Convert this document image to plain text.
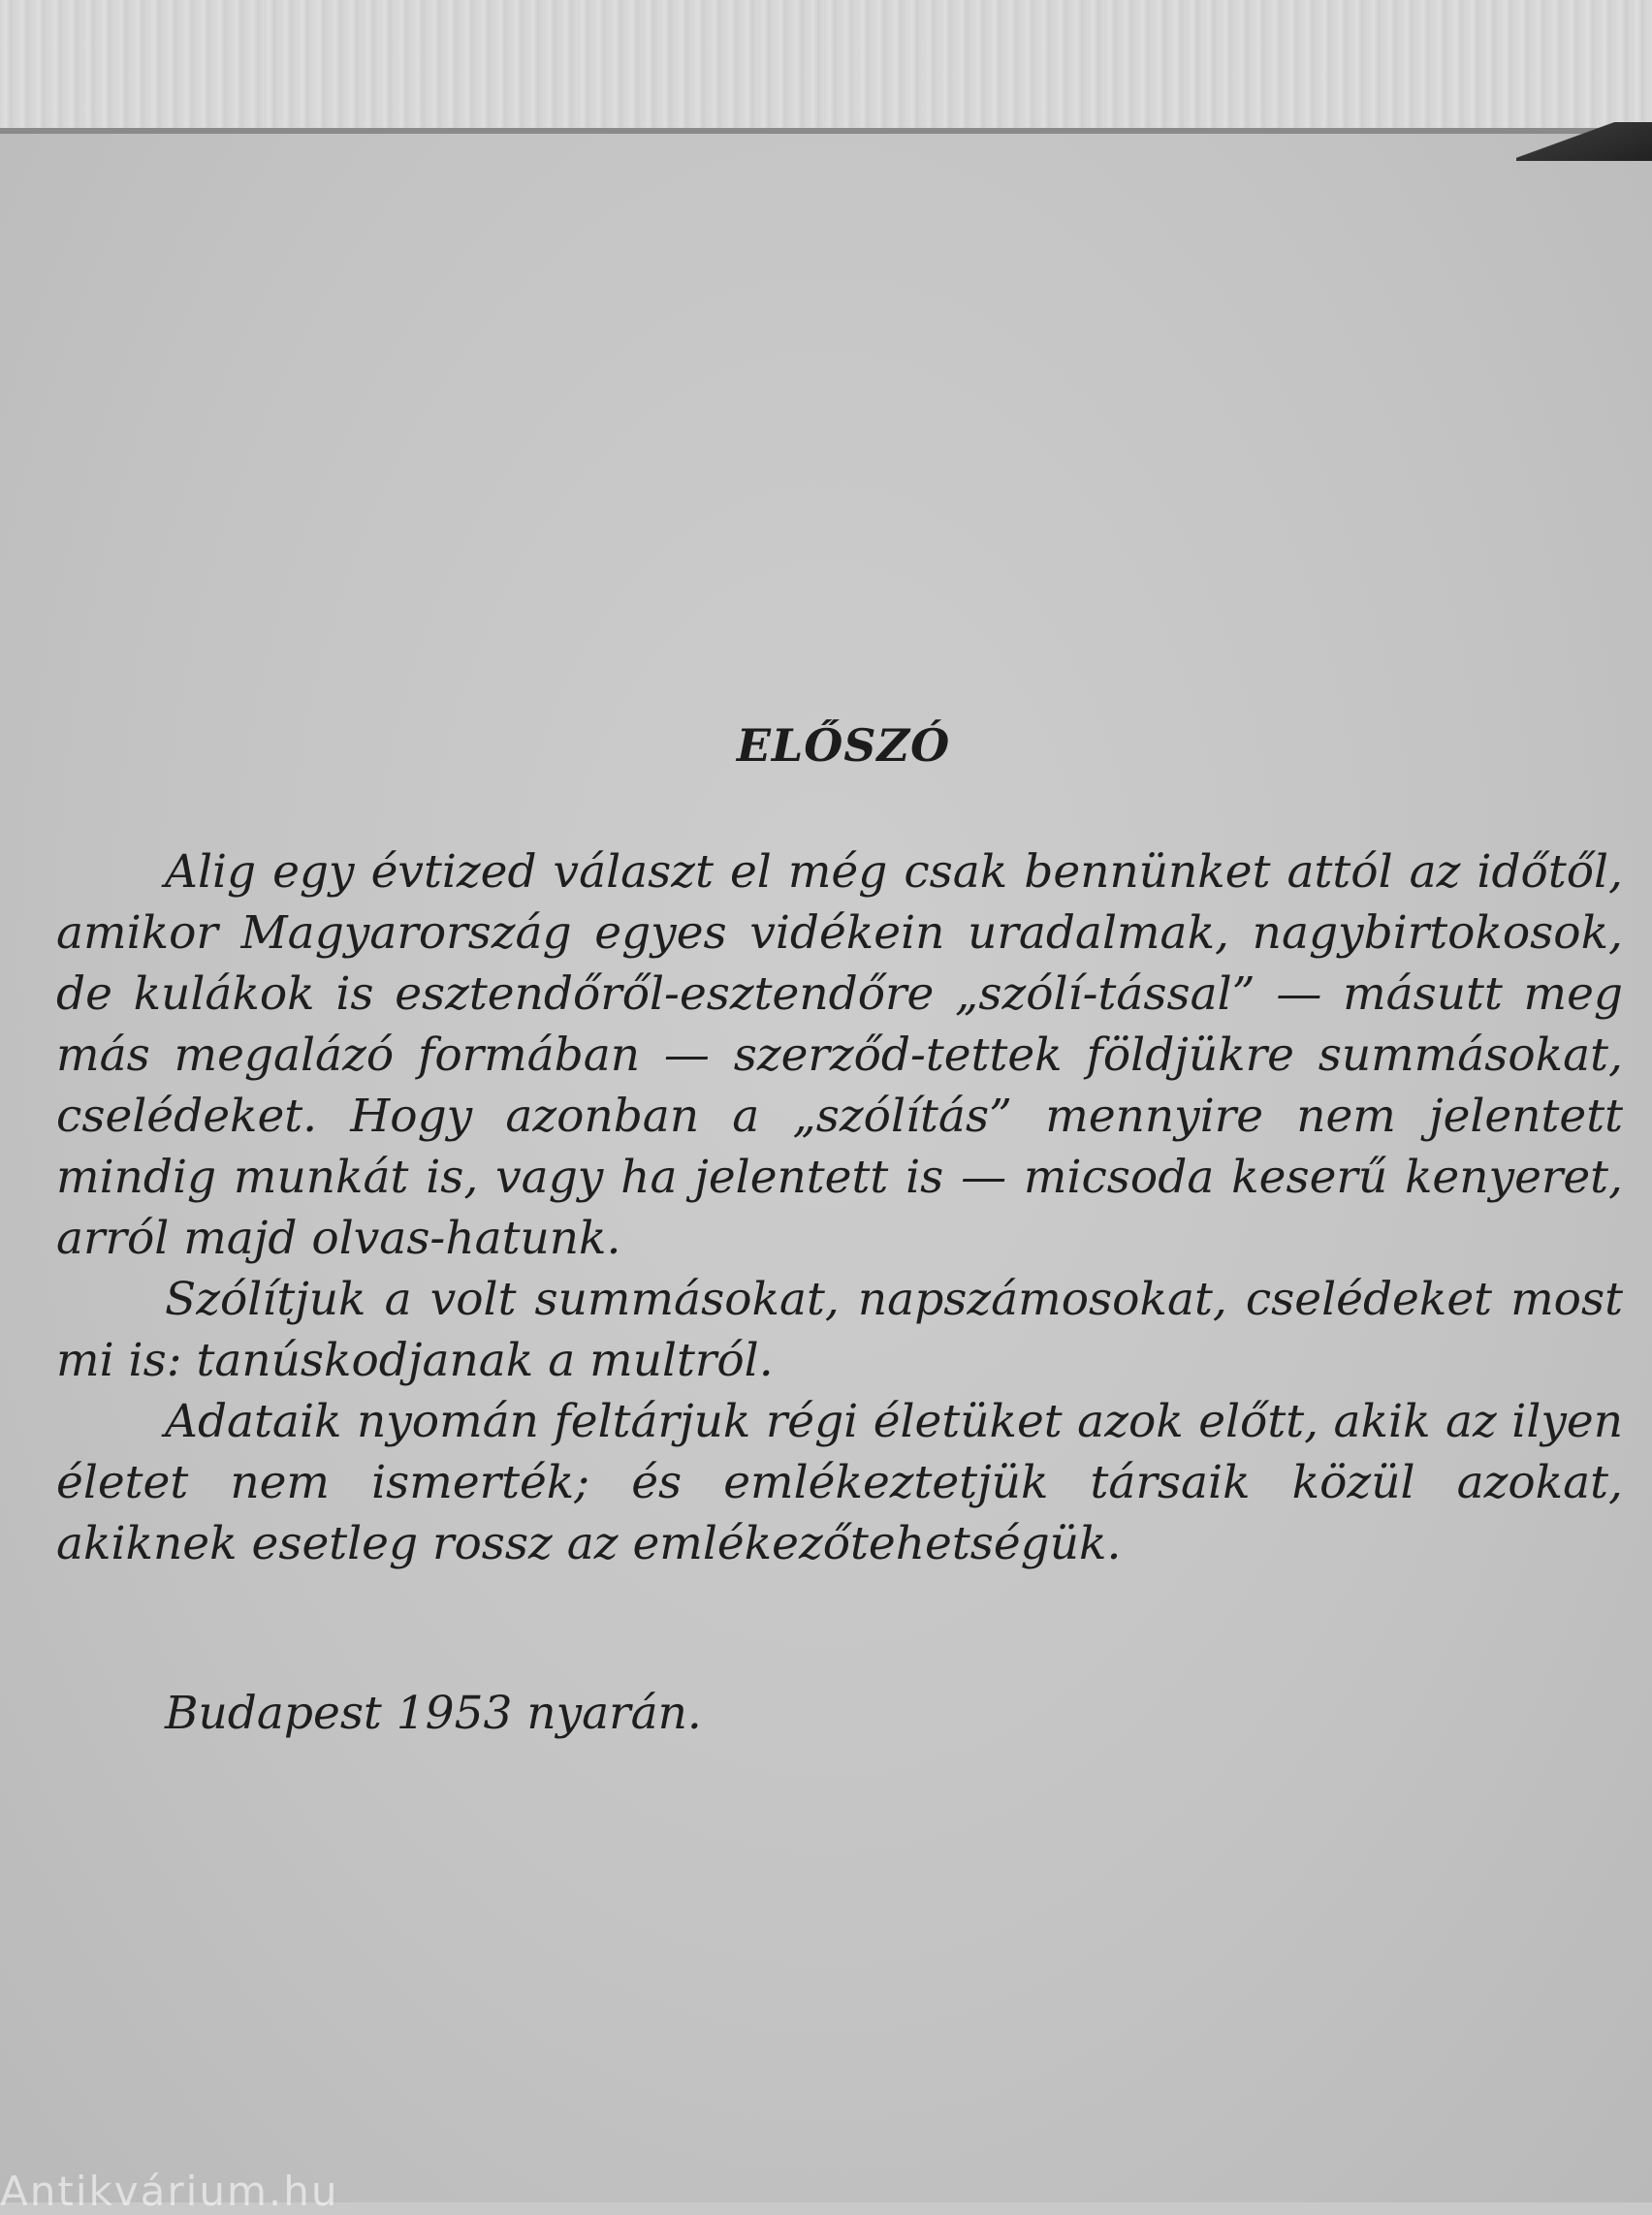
ELŐSZÓ

Alig egy évtized választ el még csak bennünket attól az időtől, amikor Magyarország egyes vidékein uradalmak, nagybirtokosok, de kulákok is esztendőről-esztendőre „szólí-tással” — másutt meg más megalázó formában — szerződ-tettek földjükre summásokat, cselédeket. Hogy azonban a „szólítás” mennyire nem jelentett mindig munkát is, vagy ha jelentett is — micsoda keserű kenyeret, arról majd olvas-hatunk.

Szólítjuk a volt summásokat, napszámosokat, cselédeket most mi is: tanúskodjanak a multról.

Adataik nyomán feltárjuk régi életüket azok előtt, akik az ilyen életet nem ismerték; és emlékeztetjük társaik közül azokat, akiknek esetleg rossz az emlékezőtehetségük.

Budapest 1953 nyarán.
Antikvárium.hu
